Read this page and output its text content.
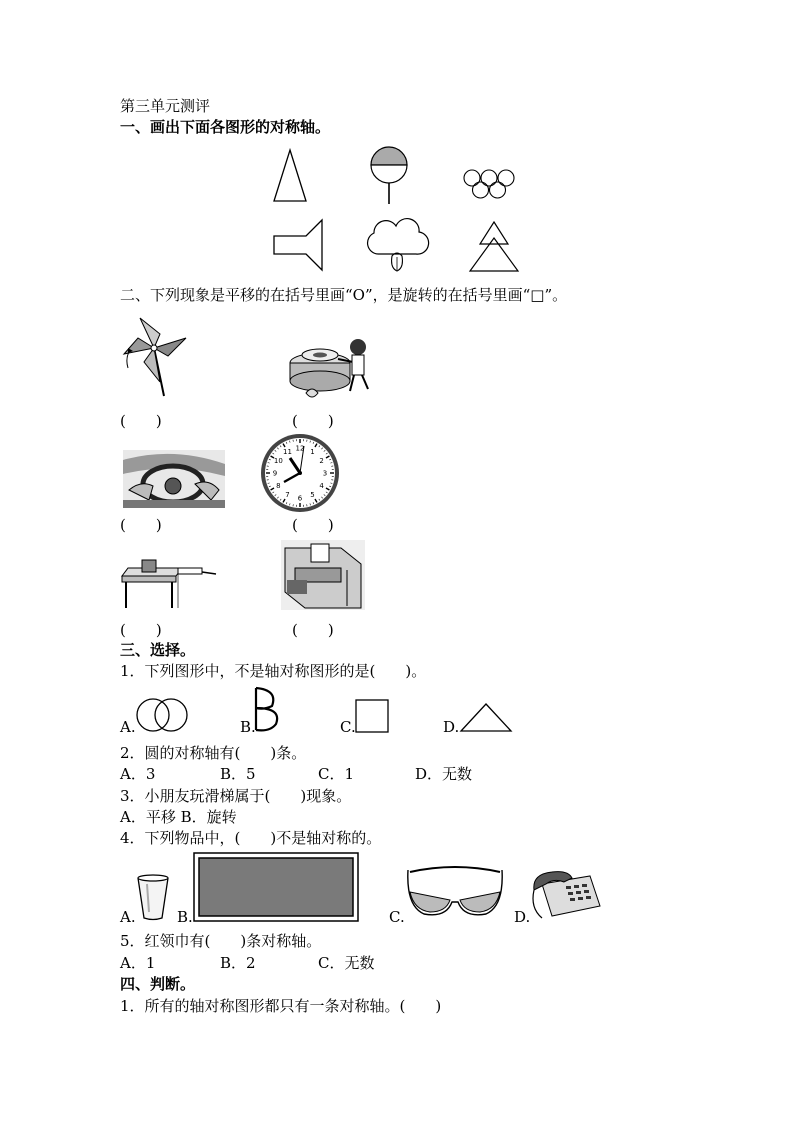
第三单元测评
一、画出下面各图形的对称轴。
二、下列现象是平移的在括号里画“O”，是旋转的在括号里画“□”。
(　　)	(　　)
(　　)
12 1
2
3
4
5
6
7
8
9
10
11
(　　)
(　　)	(　　)
三、选择。
1．下列图形中，不是轴对称图形的是(　　)。
A.	B.	C.	D.
2．圆的对称轴有(　　)条。
A．3	B．5	C．1	D．无数
3．小朋友玩滑梯属于(　　)现象。
A．平移 B．旋转
4．下列物品中，(　　)不是轴对称的。
A.	B.	C.	D.
5．红领巾有(　　)条对称轴。
A．1	B．2	C．无数
四、判断。
1．所有的轴对称图形都只有一条对称轴。(　　)
